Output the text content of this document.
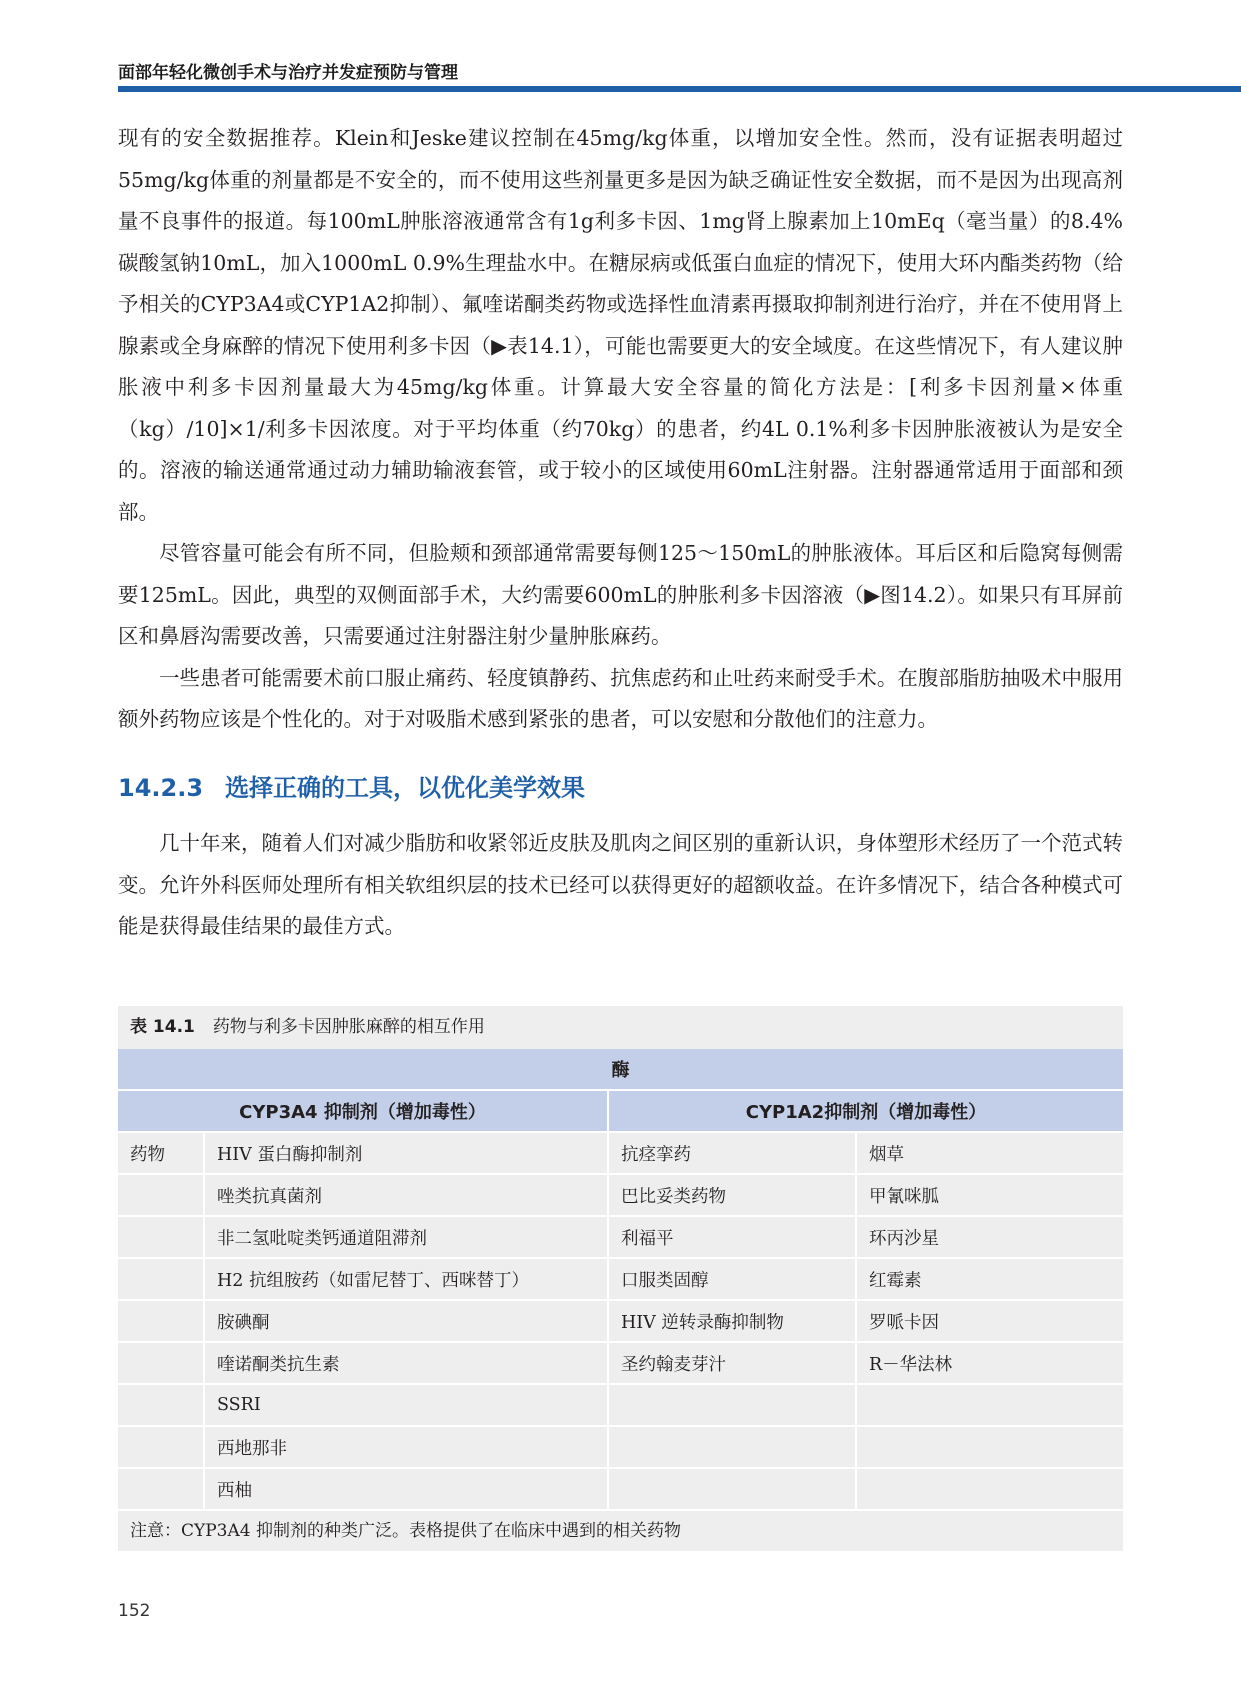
面部年轻化微创手术与治疗并发症预防与管理

现有的安全数据推荐。Klein和Jeske建议控制在45mg/kg体重，以增加安全性。然而，没有证据表明超过55mg/kg体重的剂量都是不安全的，而不使用这些剂量更多是因为缺乏确证性安全数据，而不是因为出现高剂量不良事件的报道。每100mL肿胀溶液通常含有1g利多卡因、1mg肾上腺素加上10mEq（毫当量）的8.4%碳酸氢钠10mL，加入1000mL 0.9%生理盐水中。在糖尿病或低蛋白血症的情况下，使用大环内酯类药物（给予相关的CYP3A4或CYP1A2抑制）、氟喹诺酮类药物或选择性血清素再摄取抑制剂进行治疗，并在不使用肾上腺素或全身麻醉的情况下使用利多卡因（▶表14.1），可能也需要更大的安全域度。在这些情况下，有人建议肿胀液中利多卡因剂量最大为45mg/kg体重。计算最大安全容量的简化方法是：[利多卡因剂量×体重（kg）/10]×1/利多卡因浓度。对于平均体重（约70kg）的患者，约4L 0.1%利多卡因肿胀液被认为是安全的。溶液的输送通常通过动力辅助输液套管，或于较小的区域使用60mL注射器。注射器通常适用于面部和颈部。

尽管容量可能会有所不同，但脸颊和颈部通常需要每侧125～150mL的肿胀液体。耳后区和后隐窝每侧需要125mL。因此，典型的双侧面部手术，大约需要600mL的肿胀利多卡因溶液（▶图14.2）。如果只有耳屏前区和鼻唇沟需要改善，只需要通过注射器注射少量肿胀麻药。

一些患者可能需要术前口服止痛药、轻度镇静药、抗焦虑药和止吐药来耐受手术。在腹部脂肪抽吸术中服用额外药物应该是个性化的。对于对吸脂术感到紧张的患者，可以安慰和分散他们的注意力。

14.2.3 选择正确的工具，以优化美学效果

几十年来，随着人们对减少脂肪和收紧邻近皮肤及肌肉之间区别的重新认识，身体塑形术经历了一个范式转变。允许外科医师处理所有相关软组织层的技术已经可以获得更好的超额收益。在许多情况下，结合各种模式可能是获得最佳结果的最佳方式。

表 14.1 药物与利多卡因肿胀麻醉的相互作用
酶			
CYP3A4 抑制剂（增加毒性）		CYP1A2抑制剂（增加毒性）	
药物	HIV 蛋白酶抑制剂	抗痉挛药	烟草
	唑类抗真菌剂	巴比妥类药物	甲氰咪胍
	非二氢吡啶类钙通道阻滞剂	利福平	环丙沙星
	H2 抗组胺药（如雷尼替丁、西咪替丁）	口服类固醇	红霉素
	胺碘酮	HIV 逆转录酶抑制物	罗哌卡因
	喹诺酮类抗生素	圣约翰麦芽汁	R－华法林
	SSRI		
	西地那非		
	西柚		
注意：CYP3A4 抑制剂的种类广泛。表格提供了在临床中遇到的相关药物
152
